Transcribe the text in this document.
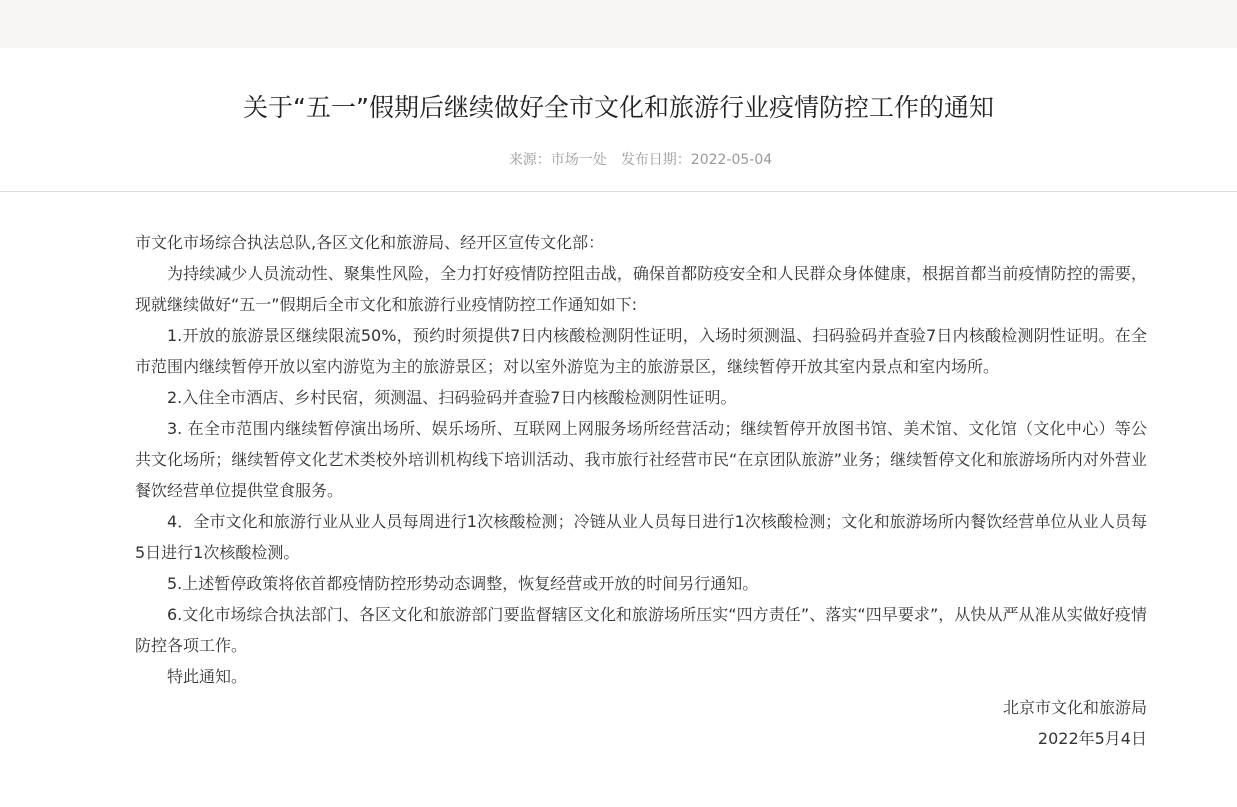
关于“五一”假期后继续做好全市文化和旅游行业疫情防控工作的通知
来源：市场一处 发布日期：2022-05-04

市文化市场综合执法总队,各区文化和旅游局、经开区宣传文化部：

为持续减少人员流动性、聚集性风险，全力打好疫情防控阻击战，确保首都防疫安全和人民群众身体健康，根据首都当前疫情防控的需要，现就继续做好“五一”假期后全市文化和旅游行业疫情防控工作通知如下:

1.开放的旅游景区继续限流50%，预约时须提供7日内核酸检测阴性证明，入场时须测温、扫码验码并查验7日内核酸检测阴性证明。在全市范围内继续暂停开放以室内游览为主的旅游景区；对以室外游览为主的旅游景区，继续暂停开放其室内景点和室内场所。

2.入住全市酒店、乡村民宿，须测温、扫码验码并查验7日内核酸检测阴性证明。

3. 在全市范围内继续暂停演出场所、娱乐场所、互联网上网服务场所经营活动；继续暂停开放图书馆、美术馆、文化馆（文化中心）等公共文化场所；继续暂停文化艺术类校外培训机构线下培训活动、我市旅行社经营市民“在京团队旅游”业务；继续暂停文化和旅游场所内对外营业餐饮经营单位提供堂食服务。

4．全市文化和旅游行业从业人员每周进行1次核酸检测；冷链从业人员每日进行1次核酸检测；文化和旅游场所内餐饮经营单位从业人员每5日进行1次核酸检测。

5.上述暂停政策将依首都疫情防控形势动态调整，恢复经营或开放的时间另行通知。

6.文化市场综合执法部门、各区文化和旅游部门要监督辖区文化和旅游场所压实“四方责任”、落实“四早要求”，从快从严从准从实做好疫情防控各项工作。

特此通知。

北京市文化和旅游局

2022年5月4日
